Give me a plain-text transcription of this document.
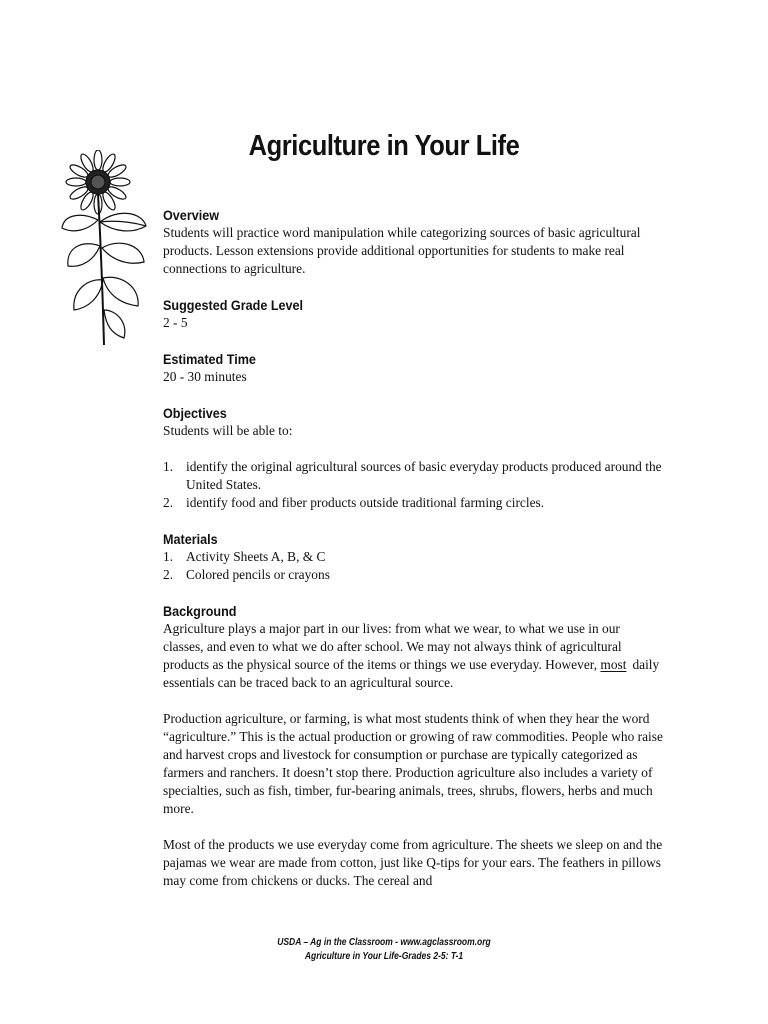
Agriculture in Your Life
Overview

Students will practice word manipulation while categorizing sources of basic agricultural products. Lesson extensions provide additional opportunities for students to make real connections to agriculture.

Suggested Grade Level

2 - 5

Estimated Time

20 - 30 minutes

Objectives

Students will be able to:

1. identify the original agricultural sources of basic everyday products produced around the United States.
2. identify food and fiber products outside traditional farming circles.
Materials
1. Activity Sheets A, B, & C
2. Colored pencils or crayons
Background

Agriculture plays a major part in our lives: from what we wear, to what we use in our classes, and even to what we do after school. We may not always think of agricultural products as the physical source of the items or things we use everyday. However, most daily essentials can be traced back to an agricultural source.

Production agriculture, or farming, is what most students think of when they hear the word “agriculture.” This is the actual production or growing of raw commodities. People who raise and harvest crops and livestock for consumption or purchase are typically categorized as farmers and ranchers. It doesn’t stop there. Production agriculture also includes a variety of specialties, such as fish, timber, fur-bearing animals, trees, shrubs, flowers, herbs and much more.

Most of the products we use everyday come from agriculture. The sheets we sleep on and the pajamas we wear are made from cotton, just like Q-tips for your ears. The feathers in pillows may come from chickens or ducks. The cereal and

USDA – Ag in the Classroom - www.agclassroom.org
Agriculture in Your Life-Grades 2-5: T-1
